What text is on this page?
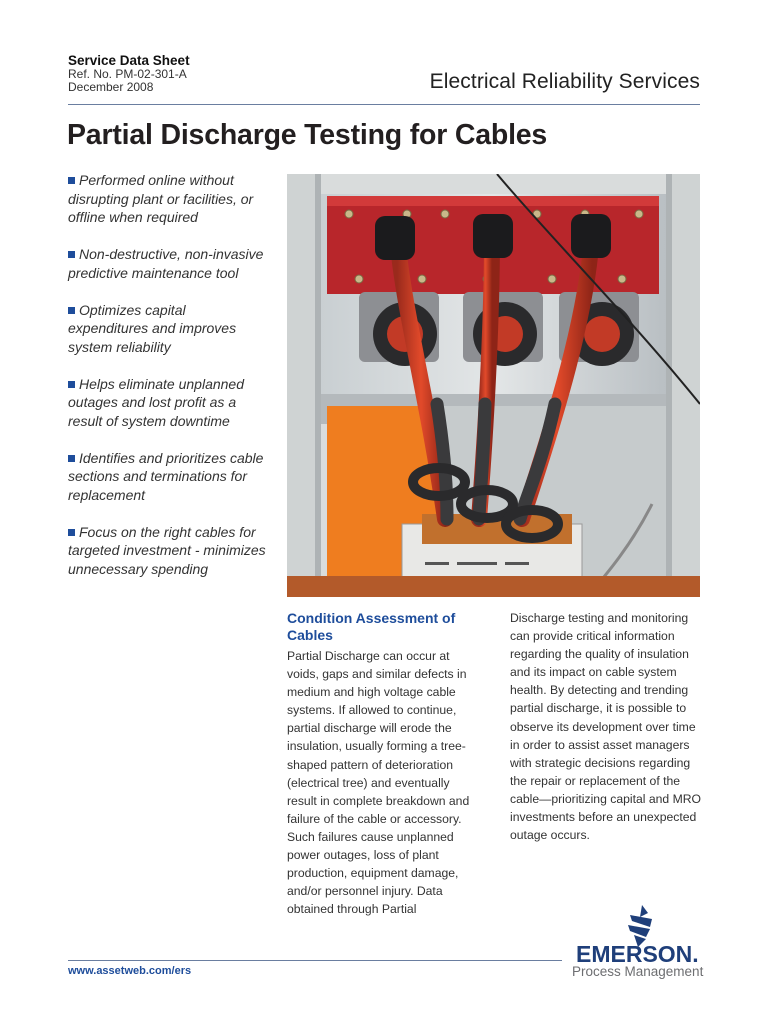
Service Data Sheet
Ref. No. PM-02-301-A
December 2008	Electrical Reliability Services
Partial Discharge Testing for Cables
Performed online without disrupting plant or facilities, or offline when required
Non-destructive, non-invasive predictive maintenance tool
Optimizes capital expenditures and improves system reliability
Helps eliminate unplanned outages and lost profit as a result of system downtime
Identifies and prioritizes cable sections and terminations for replacement
Focus on the right cables for targeted investment - minimizes unnecessary spending
Condition Assessment of Cables

Partial Discharge can occur at voids, gaps and similar defects in medium and high voltage cable systems. If allowed to continue, partial discharge will erode the insulation, usually forming a tree-shaped pattern of deterioration (electrical tree) and eventually result in complete breakdown and failure of the cable or accessory. Such failures cause unplanned power outages, loss of plant production, equipment damage, and/or personnel injury. Data obtained through Partial

Discharge testing and monitoring can provide critical information regarding the quality of insulation and its impact on cable system health. By detecting and trending partial discharge, it is possible to observe its development over time in order to assist asset managers with strategic decisions regarding the repair or replacement of the cable—prioritizing capital and MRO investments before an unexpected outage occurs.

www.assetweb.com/ers
EMERSON.
Process Management
